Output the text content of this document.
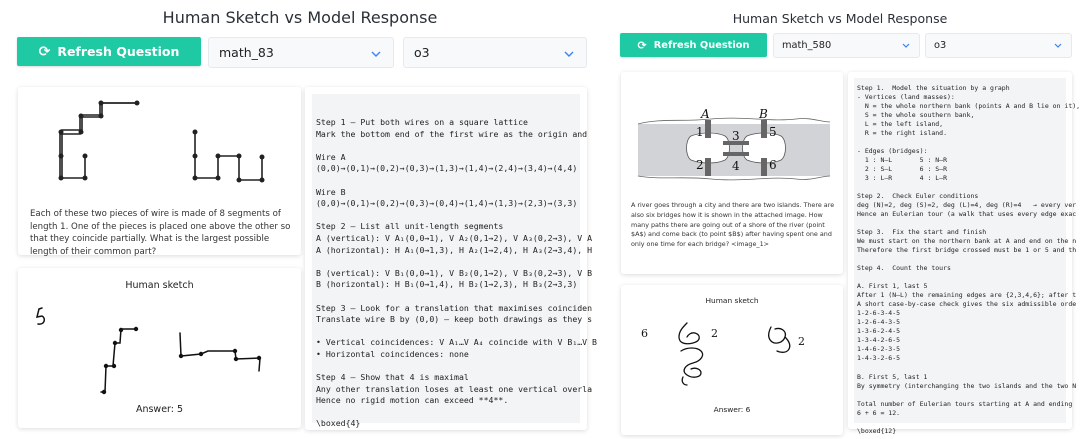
Human Sketch vs Model Response
⟳ Refresh Question	math_83	o3
Each of these two pieces of wire is made of 8 segments of length 1. One of the pieces is placed one above the other so that they coincide partially. What is the largest possible length of their common part?
Human sketch
Answer: 5
Step 1 – Put both wires on a square lattice
Mark the bottom end of the first wire as the origin and

Wire A
(0,0)→(0,1)→(0,2)→(0,3)→(1,3)→(1,4)→(2,4)→(3,4)→(4,4)

Wire B
(0,0)→(0,1)→(0,2)→(0,3)→(0,4)→(1,4)→(1,3)→(2,3)→(3,3)

Step 2 – List all unit-length segments
A (vertical): V A₁(0,0→1), V A₂(0,1→2), V A₃(0,2→3), V A
A (horizontal): H A₁(0→1,3), H A₂(1→2,4), H A₃(2→3,4), H

B (vertical): V B₁(0,0→1), V B₂(0,1→2), V B₃(0,2→3), V B
B (horizontal): H B₁(0→1,4), H B₂(1→2,3), H B₃(2→3,3)

Step 3 – Look for a translation that maximises coinciden
Translate wire B by (0,0) – keep both drawings as they s

• Vertical coincidences: V A₁…V A₄ coincide with V B₁…V B
• Horizontal coincidences: none

Step 4 – Show that 4 is maximal
Any other translation loses at least one vertical overla
Hence no rigid motion can exceed **4**.

\boxed{4}
Human Sketch vs Model Response
⟳ Refresh Question	math_580	o3
A	B
1
2
3
4
5
6
A river goes through a city and there are two islands. There are also six bridges how it is shown in the attached image. How many paths there are going out of a shore of the river (point $A$) and come back (to point $B$) after having spent one and only one time for each bridge? <image_1>
Human sketch
6	2
2
Answer: 6
Step 1.  Model the situation by a graph
- Vertices (land masses):
N = the whole northern bank (points A and B lie on it),
S = the whole southern bank,
L = the left island,
R = the right island.

- Edges (bridges):
1 : N–L       5 : N–R
2 : S–L       6 : S–R
3 : L–R       4 : L–R

Step 2.  Check Euler conditions
deg (N)=2, deg (S)=2, deg (L)=4, deg (R)=4   → every ver
Hence an Eulerian tour (a walk that uses every edge exac

Step 3.  Fix the start and finish
We must start on the northern bank at A and end on the n
Therefore the first bridge crossed must be 1 or 5 and th

Step 4.  Count the tours

A. First 1, last 5
After 1 (N–L) the remaining edges are {2,3,4,6}; after t
A short case-by-case check gives the six admissible orde
1-2-6-3-4-5
1-2-6-4-3-5
1-3-6-2-4-5
1-3-4-2-6-5
1-4-6-2-3-5
1-4-3-2-6-5

B. First 5, last 1
By symmetry (interchanging the two islands and the two N

Total number of Eulerian tours starting at A and ending
6 + 6 = 12.

\boxed{12}
